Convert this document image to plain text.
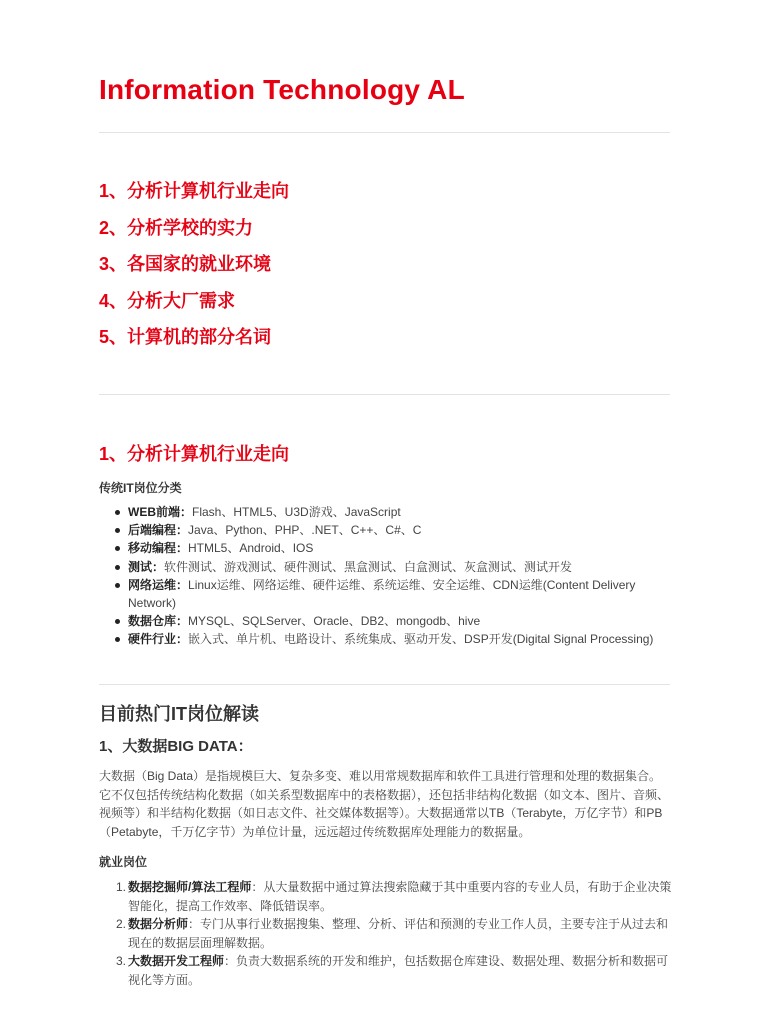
Information Technology AL
1、分析计算机行业走向
2、分析学校的实力
3、各国家的就业环境
4、分析大厂需求
5、计算机的部分名词
1、分析计算机行业走向
传统IT岗位分类
WEB前端：Flash、HTML5、U3D游戏、JavaScript
后端编程：Java、Python、PHP、.NET、C++、C#、C
移动编程：HTML5、Android、IOS
测试：软件测试、游戏测试、硬件测试、黑盒测试、白盒测试、灰盒测试、测试开发
网络运维：Linux运维、网络运维、硬件运维、系统运维、安全运维、CDN运维(Content Delivery Network)
数据仓库：MYSQL、SQLServer、Oracle、DB2、mongodb、hive
硬件行业：嵌入式、单片机、电路设计、系统集成、驱动开发、DSP开发(Digital Signal Processing)
目前热门IT岗位解读
1、大数据BIG DATA：

大数据（Big Data）是指规模巨大、复杂多变、难以用常规数据库和软件工具进行管理和处理的数据集合。它不仅包括传统结构化数据（如关系型数据库中的表格数据），还包括非结构化数据（如文本、图片、音频、视频等）和半结构化数据（如日志文件、社交媒体数据等）。大数据通常以TB（Terabyte，万亿字节）和PB（Petabyte，千万亿字节）为单位计量，远远超过传统数据库处理能力的数据量。

就业岗位
1. 数据挖掘师/算法工程师：从大量数据中通过算法搜索隐藏于其中重要内容的专业人员，有助于企业决策智能化，提高工作效率、降低错误率。
2. 数据分析师：专门从事行业数据搜集、整理、分析、评估和预测的专业工作人员，主要专注于从过去和现在的数据层面理解数据。
3. 大数据开发工程师：负责大数据系统的开发和维护，包括数据仓库建设、数据处理、数据分析和数据可视化等方面。
